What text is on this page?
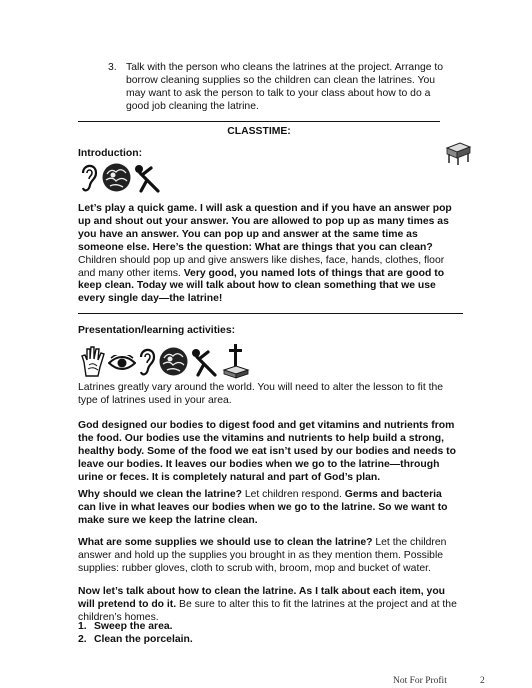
3. Talk with the person who cleans the latrines at the project. Arrange to borrow cleaning supplies so the children can clean the latrines. You may want to ask the person to talk to your class about how to do a good job cleaning the latrine.

CLASSTIME:
Introduction:

Let’s play a quick game. I will ask a question and if you have an answer pop up and shout out your answer. You are allowed to pop up as many times as you have an answer. You can pop up and answer at the same time as someone else. Here’s the question: What are things that you can clean? Children should pop up and give answers like dishes, face, hands, clothes, floor and many other items. Very good, you named lots of things that are good to keep clean. Today we will talk about how to clean something that we use every single day—the latrine!

Presentation/learning activities:

Latrines greatly vary around the world. You will need to alter the lesson to fit the type of latrines used in your area.

God designed our bodies to digest food and get vitamins and nutrients from the food. Our bodies use the vitamins and nutrients to help build a strong, healthy body. Some of the food we eat isn’t used by our bodies and needs to leave our bodies. It leaves our bodies when we go to the latrine—through urine or feces. It is completely natural and part of God’s plan.

Why should we clean the latrine? Let children respond. Germs and bacteria can live in what leaves our bodies when we go to the latrine. So we want to make sure we keep the latrine clean.

What are some supplies we should use to clean the latrine? Let the children answer and hold up the supplies you brought in as they mention them. Possible supplies: rubber gloves, cloth to scrub with, broom, mop and bucket of water.

Now let’s talk about how to clean the latrine. As I talk about each item, you will pretend to do it. Be sure to alter this to fit the latrines at the project and at the children’s homes.

1. Sweep the area.
2. Clean the porcelain.
Not For Profit	2
